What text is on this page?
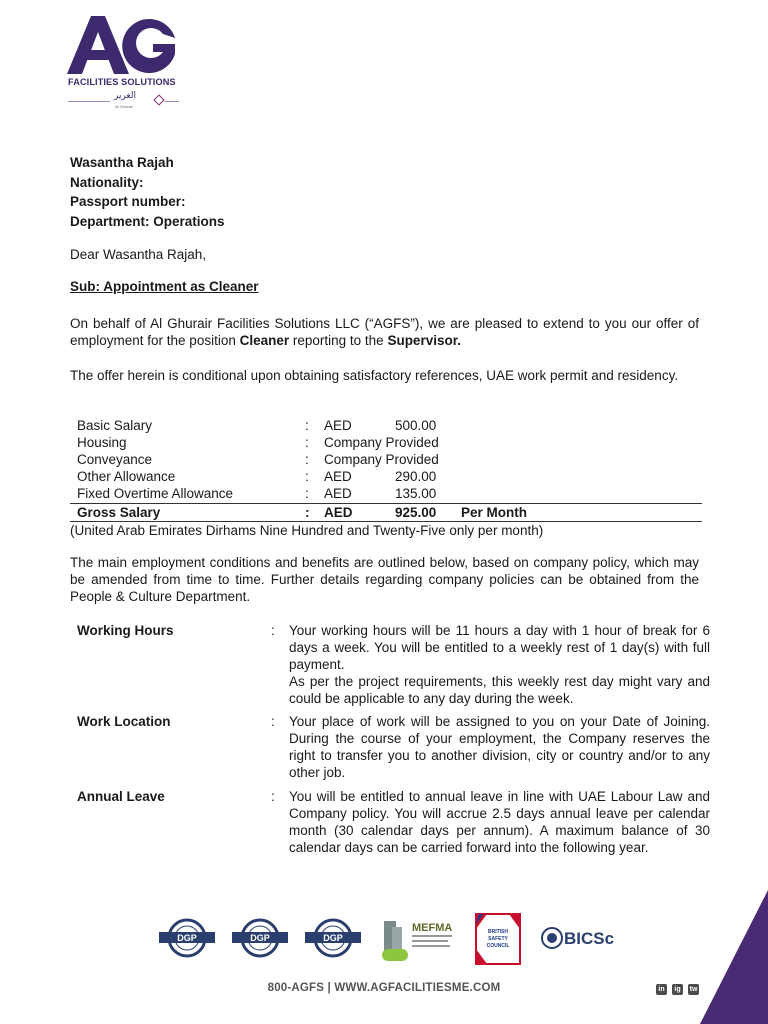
FACILITIES SOLUTIONS
الغرير
Al Ghurair
Wasantha Rajah
Nationality:
Passport number:
Department: Operations
Dear Wasantha Rajah,
Sub: Appointment as Cleaner
On behalf of Al Ghurair Facilities Solutions LLC (“AGFS”), we are pleased to extend to you our offer of employment for the position Cleaner reporting to the Supervisor.
The offer herein is conditional upon obtaining satisfactory references, UAE work permit and residency.
Basic Salary	: AED	500.00
Housing	: Company Provided
Conveyance	: Company Provided
Other Allowance	: AED	290.00
Fixed Overtime Allowance	: AED	135.00
Gross Salary	: AED	925.00 Per Month
(United Arab Emirates Dirhams Nine Hundred and Twenty-Five only per month)
The main employment conditions and benefits are outlined below, based on company policy, which may be amended from time to time. Further details regarding company policies can be obtained from the People & Culture Department.
Working Hours	: Your working hours will be 11 hours a day with 1 hour of break for 6 days a week. You will be entitled to a weekly rest of 1 day(s) with full payment.
As per the project requirements, this weekly rest day might vary and could be applicable to any day during the week.
Work Location	: Your place of work will be assigned to you on your Date of Joining. During the course of your employment, the Company reserves the right to transfer you to another division, city or country and/or to any other job.
Annual Leave	: You will be entitled to annual leave in line with UAE Labour Law and Company policy. You will accrue 2.5 days annual leave per calendar month (30 calendar days per annum). A maximum balance of 30 calendar days can be carried forward into the following year.
DGP	DGP	DGP
MEFMA	BRITISH
SAFETY
COUNCIL	BICSc
800-AGFS | WWW.AGFACILITIESME.COM	in	ig	tw
